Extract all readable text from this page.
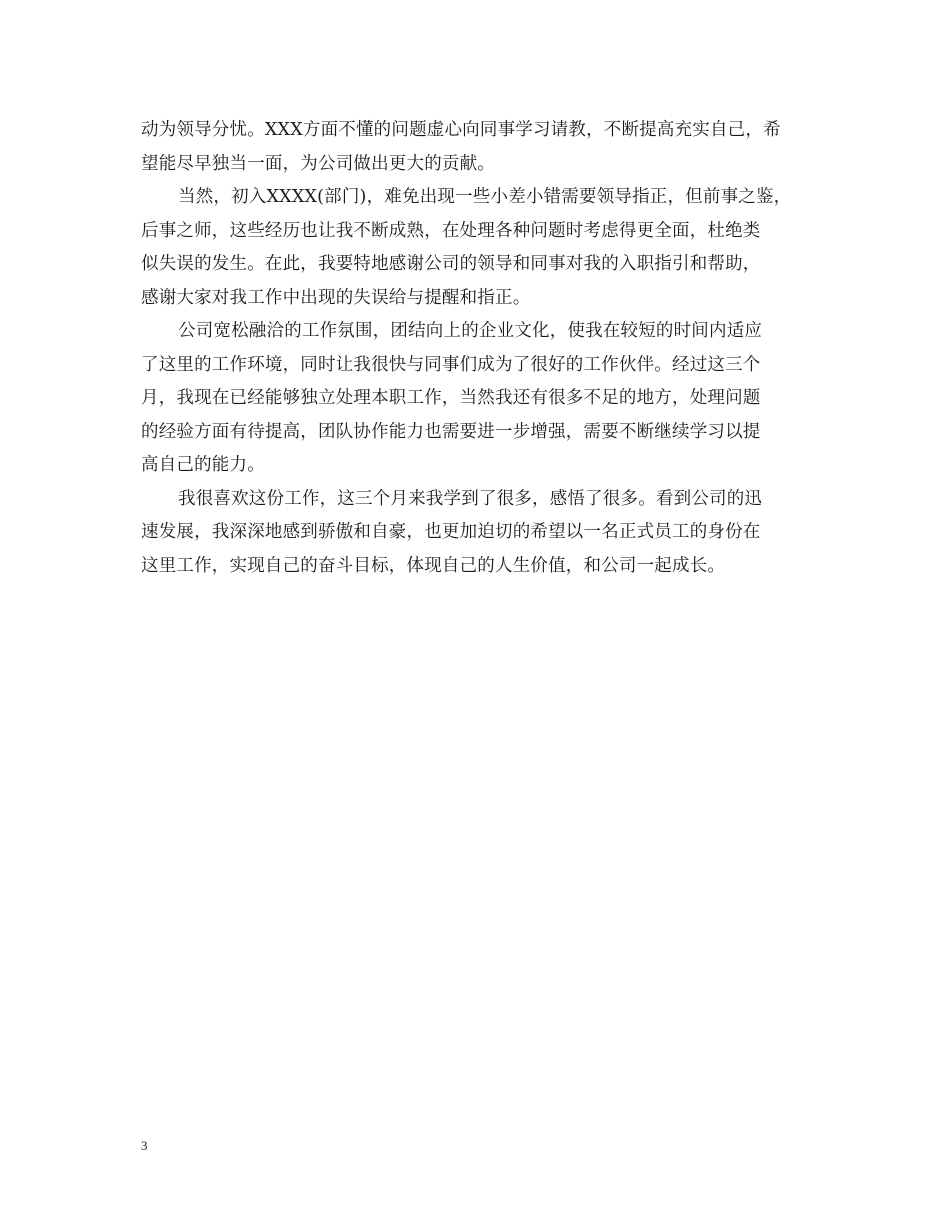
动为领导分忧。XXX方面不懂的问题虚心向同事学习请教，不断提高充实自己，希
望能尽早独当一面，为公司做出更大的贡献。
当然，初入XXXX(部门)，难免出现一些小差小错需要领导指正，但前事之鉴，
后事之师，这些经历也让我不断成熟，在处理各种问题时考虑得更全面，杜绝类
似失误的发生。在此，我要特地感谢公司的领导和同事对我的入职指引和帮助，
感谢大家对我工作中出现的失误给与提醒和指正。
公司宽松融洽的工作氛围，团结向上的企业文化，使我在较短的时间内适应
了这里的工作环境，同时让我很快与同事们成为了很好的工作伙伴。经过这三个
月，我现在已经能够独立处理本职工作，当然我还有很多不足的地方，处理问题
的经验方面有待提高，团队协作能力也需要进一步增强，需要不断继续学习以提
高自己的能力。
我很喜欢这份工作，这三个月来我学到了很多，感悟了很多。看到公司的迅
速发展，我深深地感到骄傲和自豪，也更加迫切的希望以一名正式员工的身份在
这里工作，实现自己的奋斗目标，体现自己的人生价值，和公司一起成长。
3
